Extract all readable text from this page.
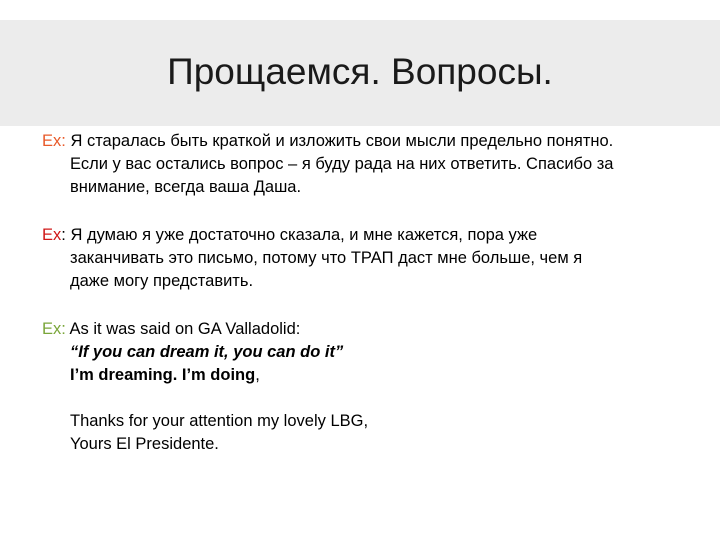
Прощаемся. Вопросы.
Ex: Я старалась быть краткой и изложить свои мысли предельно понятно.
Если у вас остались вопрос – я буду рада на них ответить. Спасибо за
внимание, всегда ваша Даша.
Ex: Я думаю я уже достаточно сказала, и мне кажется, пора уже
заканчивать это письмо, потому что ТРАП даст мне больше, чем я
даже могу представить.
Ex: As it was said on GA Valladolid:
“If you can dream it, you can do it”
I’m dreaming. I’m doing,
Thanks for your attention my lovely LBG,
Yours El Presidente.
